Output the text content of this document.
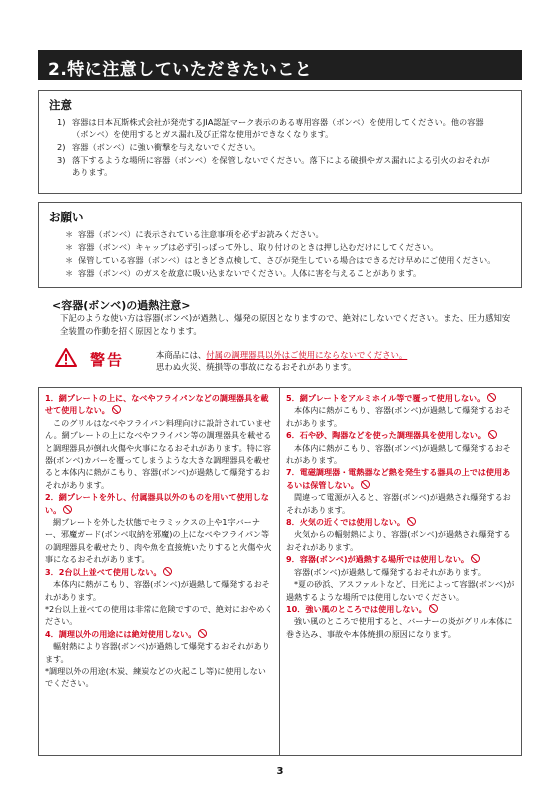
2.特に注意していただきたいこと
注意
1) 容器は日本瓦斯株式会社が発売するJIA認証マーク表示のある専用容器（ボンベ）を使用してください。他の容器（ボンベ）を使用するとガス漏れ及び正常な使用ができなくなります。
2) 容器（ボンベ）に強い衝撃を与えないでください。
3) 落下するような場所に容器（ボンベ）を保管しないでください。落下による破損やガス漏れによる引火のおそれがあります。
お願い
＊ 容器（ボンベ）に表示されている注意事項を必ずお読みください。
＊ 容器（ボンベ）キャップは必ず引っぱって外し、取り付けのときは押し込むだけにしてください。
＊ 保管している容器（ボンベ）はときどき点検して、さびが発生している場合はできるだけ早めにご使用ください。
＊ 容器（ボンベ）のガスを故意に吸い込まないでください。人体に害を与えることがあります。
<容器(ボンベ)の過熱注意>
下記のような使い方は容器(ボンベ)が過熱し、爆発の原因となりますので、絶対にしないでください。また、圧力感知安全装置の作動を招く原因となります。
警告	本商品には、付属の調理器具以外はご使用にならないでください。
思わぬ火災、焼損等の事故になるおそれがあります。
1．網プレートの上に、なべやフライパンなどの調理器具を載せて使用しない。
このグリルはなべやフライパン料理向けに設計されていません。網プレートの上になべやフライパン等の調理器具を載せると調理器具が倒れ火傷や火事になるおそれがあります。特に容器(ボンベ)カバーを覆ってしまうような大きな調理器具を載せると本体内に熱がこもり、容器(ボンベ)が過熱して爆発するおそれがあります。
2．網プレートを外し、付属器具以外のものを用いて使用しない。
網プレートを外した状態でセラミックスの上や1字バーナー、邪魔ガード(ボンベ収納を邪魔)の上になべやフライパン等の調理器具を載せたり、肉や魚を直接焼いたりすると火傷や火事になるおそれがあります。
3．2台以上並べて使用しない。
本体内に熱がこもり、容器(ボンベ)が過熱して爆発するおそれがあります。
*2台以上並べての使用は非常に危険ですので、絶対におやめください。
4．調理以外の用途には絶対使用しない。
輻射熱により容器(ボンベ)が過熱して爆発するおそれがあります。
*調理以外の用途(木炭、練炭などの火起こし等)に使用しないでください。
5．網プレートをアルミホイル等で覆って使用しない。
本体内に熱がこもり、容器(ボンベ)が過熱して爆発するおそれがあります。
6．石や砂、陶器などを使った調理器具を使用しない。
本体内に熱がこもり、容器(ボンベ)が過熱して爆発するおそれがあります。
7．電磁調理器・電熱器など熱を発生する器具の上では使用あるいは保管しない。
間違って電源が入ると、容器(ボンベ)が過熱され爆発するおそれがあります。
8．火気の近くでは使用しない。
火気からの輻射熱により、容器(ボンベ)が過熱され爆発するおそれがあります。
9．容器(ボンベ)が過熱する場所では使用しない。
容器(ボンベ)が過熱して爆発するおそれがあります。
*夏の砂浜、アスファルトなど、日光によって容器(ボンベ)が過熱するような場所では使用しないでください。
10．強い風のところでは使用しない。
強い風のところで使用すると、バーナーの炎がグリル本体に巻き込み、事故や本体焼損の原因になります。
3
